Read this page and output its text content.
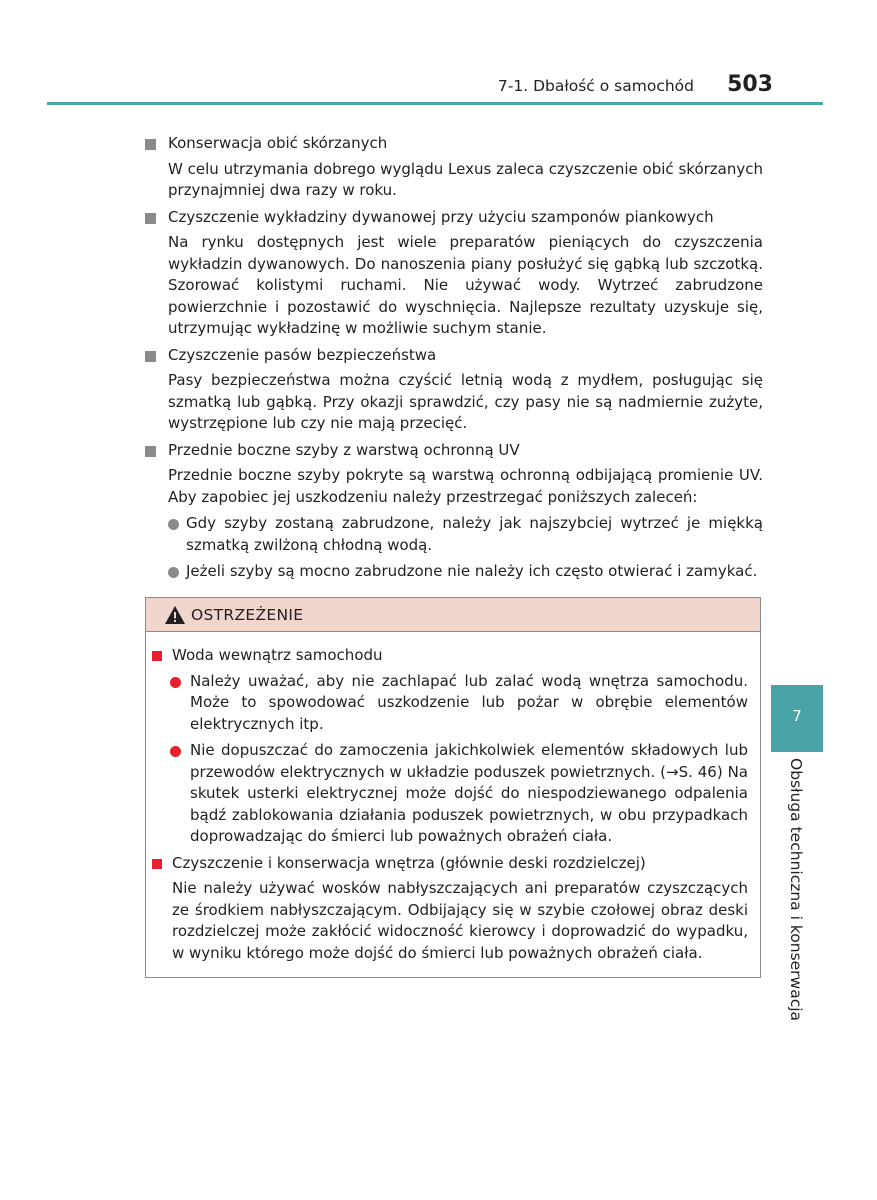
7-1. Dbałość o samochód 503
Konserwacja obić skórzanych
W celu utrzymania dobrego wyglądu Lexus zaleca czyszczenie obić skórzanych przynajmniej dwa razy w roku.
Czyszczenie wykładziny dywanowej przy użyciu szamponów piankowych
Na rynku dostępnych jest wiele preparatów pieniących do czyszczenia wykładzin dywanowych. Do nanoszenia piany posłużyć się gąbką lub szczotką. Szorować kolistymi ruchami. Nie używać wody. Wytrzeć zabrudzone powierzchnie i pozostawić do wyschnięcia. Najlepsze rezultaty uzyskuje się, utrzymując wykładzinę w możliwie suchym stanie.
Czyszczenie pasów bezpieczeństwa
Pasy bezpieczeństwa można czyścić letnią wodą z mydłem, posługując się szmatką lub gąbką. Przy okazji sprawdzić, czy pasy nie są nadmiernie zużyte, wystrzępione lub czy nie mają przecięć.
Przednie boczne szyby z warstwą ochronną UV
Przednie boczne szyby pokryte są warstwą ochronną odbijającą promienie UV. Aby zapobiec jej uszkodzeniu należy przestrzegać poniższych zaleceń:
Gdy szyby zostaną zabrudzone, należy jak najszybciej wytrzeć je miękką szmatką zwilżoną chłodną wodą.
Jeżeli szyby są mocno zabrudzone nie należy ich często otwierać i zamykać.
OSTRZEŻENIE
Woda wewnątrz samochodu
Należy uważać, aby nie zachlapać lub zalać wodą wnętrza samochodu. Może to spowodować uszkodzenie lub pożar w obrębie elementów elektrycznych itp.
Nie dopuszczać do zamoczenia jakichkolwiek elementów składowych lub przewodów elektrycznych w układzie poduszek powietrznych. (→S. 46) Na skutek usterki elektrycznej może dojść do niespodziewanego odpalenia bądź zablokowania działania poduszek powietrznych, w obu przypadkach doprowadzając do śmierci lub poważnych obrażeń ciała.
Czyszczenie i konserwacja wnętrza (głównie deski rozdzielczej)
Nie należy używać wosków nabłyszczających ani preparatów czyszczących ze środkiem nabłyszczającym. Odbijający się w szybie czołowej obraz deski rozdzielczej może zakłócić widoczność kierowcy i doprowadzić do wypadku, w wyniku którego może dojść do śmierci lub poważnych obrażeń ciała.
7
Obsługa techniczna i konserwacja
